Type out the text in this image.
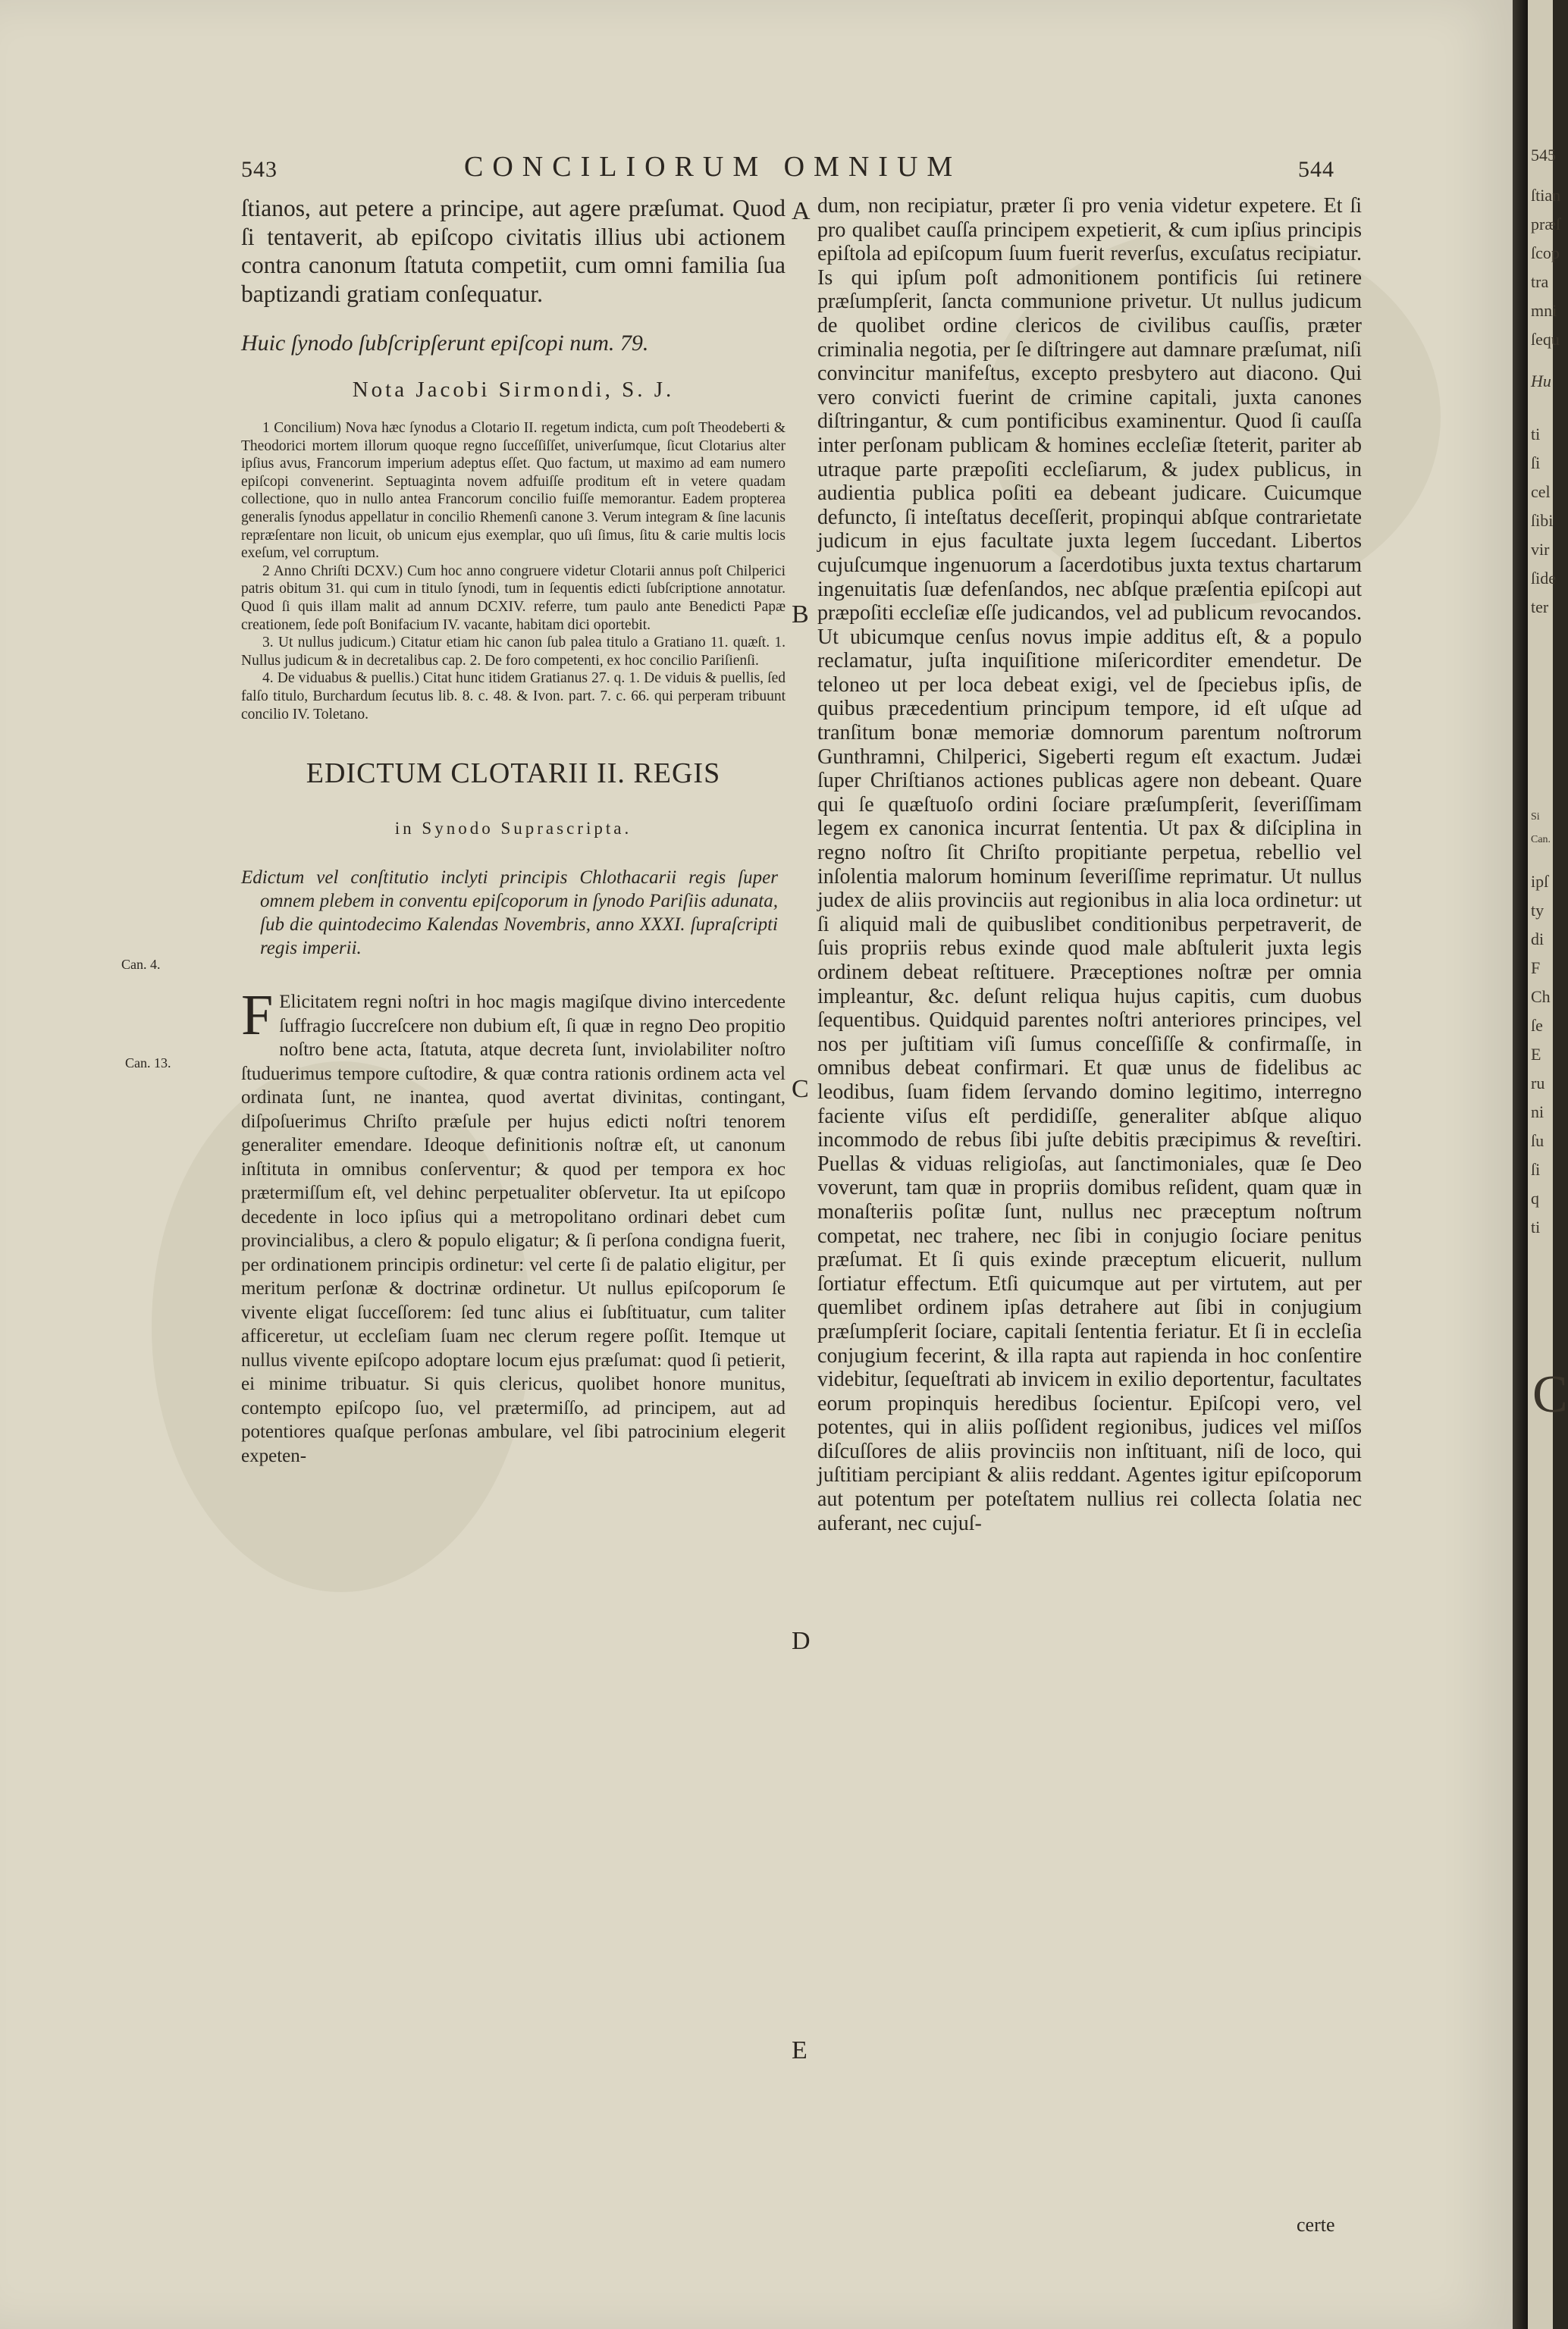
543	CONCILIORUM OMNIUM	544
A
B
C
D
E
Can. 4.
Can. 13.

ſtianos, aut petere a principe, aut agere præſumat. Quod ſi tentaverit, ab epiſcopo civitatis illius ubi actionem contra canonum ſtatuta competiit, cum omni familia ſua baptizandi gratiam conſequatur.

Huic ſynodo ſubſcripſerunt epiſcopi num. 79.

Nota Jacobi Sirmondi, S. J.

1 Concilium) Nova hæc ſynodus a Clotario II. regetum indicta, cum poſt Theodeberti & Theodorici mortem illorum quoque regno ſucceſſiſſet, univerſumque, ſicut Clotarius alter ipſius avus, Francorum imperium adeptus eſſet. Quo factum, ut maximo ad eam numero epiſcopi convenerint. Septuaginta novem adfuiſſe proditum eſt in vetere quadam collectione, quo in nullo antea Francorum concilio fuiſſe memorantur. Eadem propterea generalis ſynodus appellatur in concilio Rhemenſi canone 3. Verum integram & ſine lacunis repræſentare non licuit, ob unicum ejus exemplar, quo uſi ſimus, ſitu & carie multis locis exeſum, vel corruptum.

2 Anno Chriſti DCXV.) Cum hoc anno congruere videtur Clotarii annus poſt Chilperici patris obitum 31. qui cum in titulo ſynodi, tum in ſequentis edicti ſubſcriptione annotatur. Quod ſi quis illam malit ad annum DCXIV. referre, tum paulo ante Benedicti Papæ creationem, ſede poſt Bonifacium IV. vacante, habitam dici oportebit.

3. Ut nullus judicum.) Citatur etiam hic canon ſub palea titulo a Gratiano 11. quæſt. 1. Nullus judicum & in decretalibus cap. 2. De foro competenti, ex hoc concilio Pariſienſi.

4. De viduabus & puellis.) Citat hunc itidem Gratianus 27. q. 1. De viduis & puellis, ſed falſo titulo, Burchardum ſecutus lib. 8. c. 48. & Ivon. part. 7. c. 66. qui perperam tribuunt concilio IV. Toletano.

EDICTUM CLOTARII II. REGIS

in Synodo Suprascripta.

Edictum vel conſtitutio inclyti principis Chlothacarii regis ſuper omnem plebem in conventu epiſcoporum in ſynodo Pariſiis adunata, ſub die quintodecimo Kalendas Novembris, anno XXXI. ſupraſcripti regis imperii.

F Elicitatem regni noſtri in hoc magis magiſque divino intercedente ſuffragio ſuccreſcere non dubium eſt, ſi quæ in regno Deo propitio noſtro bene acta, ſtatuta, atque decreta ſunt, inviolabiliter noſtro ſtuduerimus tempore cuſtodire, & quæ contra rationis ordinem acta vel ordinata ſunt, ne inantea, quod avertat divinitas, contingant, diſpoſuerimus Chriſto præſule per hujus edicti noſtri tenorem generaliter emendare. Ideoque definitionis noſtræ eſt, ut canonum inſtituta in omnibus conſerventur; & quod per tempora ex hoc prætermiſſum eſt, vel dehinc perpetualiter obſervetur. Ita ut epiſcopo decedente in loco ipſius qui a metropolitano ordinari debet cum provincialibus, a clero & populo eligatur; & ſi perſona condigna fuerit, per ordinationem principis ordinetur: vel certe ſi de palatio eligitur, per meritum perſonæ & doctrinæ ordinetur. Ut nullus epiſcoporum ſe vivente eligat ſucceſſorem: ſed tunc alius ei ſubſtituatur, cum taliter afficeretur, ut eccleſiam ſuam nec clerum regere poſſit. Itemque ut nullus vivente epiſcopo adoptare locum ejus præſumat: quod ſi petierit, ei minime tribuatur. Si quis clericus, quolibet honore munitus, contempto epiſcopo ſuo, vel prætermiſſo, ad principem, aut ad potentiores quaſque perſonas ambulare, vel ſibi patrocinium elegerit expeten-

dum, non recipiatur, præter ſi pro venia videtur expetere. Et ſi pro qualibet cauſſa principem expetierit, & cum ipſius principis epiſtola ad epiſcopum ſuum fuerit reverſus, excuſatus recipiatur. Is qui ipſum poſt admonitionem pontificis ſui retinere præſumpſerit, ſancta communione privetur. Ut nullus judicum de quolibet ordine clericos de civilibus cauſſis, præter criminalia negotia, per ſe diſtringere aut damnare præſumat, niſi convincitur manifeſtus, excepto presbytero aut diacono. Qui vero convicti fuerint de crimine capitali, juxta canones diſtringantur, & cum pontificibus examinentur. Quod ſi cauſſa inter perſonam publicam & homines eccleſiæ ſteterit, pariter ab utraque parte præpoſiti eccleſiarum, & judex publicus, in audientia publica poſiti ea debeant judicare. Cuicumque defuncto, ſi inteſtatus deceſſerit, propinqui abſque contrarietate judicum in ejus facultate juxta legem ſuccedant. Libertos cujuſcumque ingenuorum a ſacerdotibus juxta textus chartarum ingenuitatis ſuæ defenſandos, nec abſque præſentia epiſcopi aut præpoſiti eccleſiæ eſſe judicandos, vel ad publicum revocandos. Ut ubicumque cenſus novus impie additus eſt, & a populo reclamatur, juſta inquiſitione miſericorditer emendetur. De teloneo ut per loca debeat exigi, vel de ſpeciebus ipſis, de quibus præcedentium principum tempore, id eſt uſque ad tranſitum bonæ memoriæ domnorum parentum noſtrorum Gunthramni, Chilperici, Sigeberti regum eſt exactum. Judæi ſuper Chriſtianos actiones publicas agere non debeant. Quare qui ſe quæſtuoſo ordini ſociare præſumpſerit, ſeveriſſimam legem ex canonica incurrat ſententia. Ut pax & diſciplina in regno noſtro ſit Chriſto propitiante perpetua, rebellio vel inſolentia malorum hominum ſeveriſſime reprimatur. Ut nullus judex de aliis provinciis aut regionibus in alia loca ordinetur: ut ſi aliquid mali de quibuslibet conditionibus perpetraverit, de ſuis propriis rebus exinde quod male abſtulerit juxta legis ordinem debeat reſtituere. Præceptiones noſtræ per omnia impleantur, &c. deſunt reliqua hujus capitis, cum duobus ſequentibus. Quidquid parentes noſtri anteriores principes, vel nos per juſtitiam viſi ſumus conceſſiſſe & confirmaſſe, in omnibus debeat confirmari. Et quæ unus de fidelibus ac leodibus, ſuam fidem ſervando domino legitimo, interregno faciente viſus eſt perdidiſſe, generaliter abſque aliquo incommodo de rebus ſibi juſte debitis præcipimus & reveſtiri. Puellas & viduas religioſas, aut ſanctimoniales, quæ ſe Deo voverunt, tam quæ in propriis domibus reſident, quam quæ in monaſteriis poſitæ ſunt, nullus nec præceptum noſtrum competat, nec trahere, nec ſibi in conjugio ſociare penitus præſumat. Et ſi quis exinde præceptum elicuerit, nullum ſortiatur effectum. Etſi quicumque aut per virtutem, aut per quemlibet ordinem ipſas detrahere aut ſibi in conjugium præſumpſerit ſociare, capitali ſententia feriatur. Et ſi in eccleſia conjugium fecerint, & illa rapta aut rapienda in hoc conſentire videbitur, ſequeſtrati ab invicem in exilio deportentur, facultates eorum propinquis heredibus ſocientur. Epiſcopi vero, vel potentes, qui in aliis poſſident regionibus, judices vel miſſos diſcuſſores de aliis provinciis non inſtituant, niſi de loco, qui juſtitiam percipiant & aliis reddant. Agentes igitur epiſcoporum aut potentum per poteſtatem nullius rei collecta ſolatia nec auferant, nec cujuſ-

certe
545
ſtian
præſ
ſcop
tra
mni
ſequ
Hu
ti
ſi
cel
ſibi
vir
ſide
ter
Si
Can.
ipſ
ty
di
F
Ch
ſe
E
ru
ni
ſu
ſi
q
ti
C
